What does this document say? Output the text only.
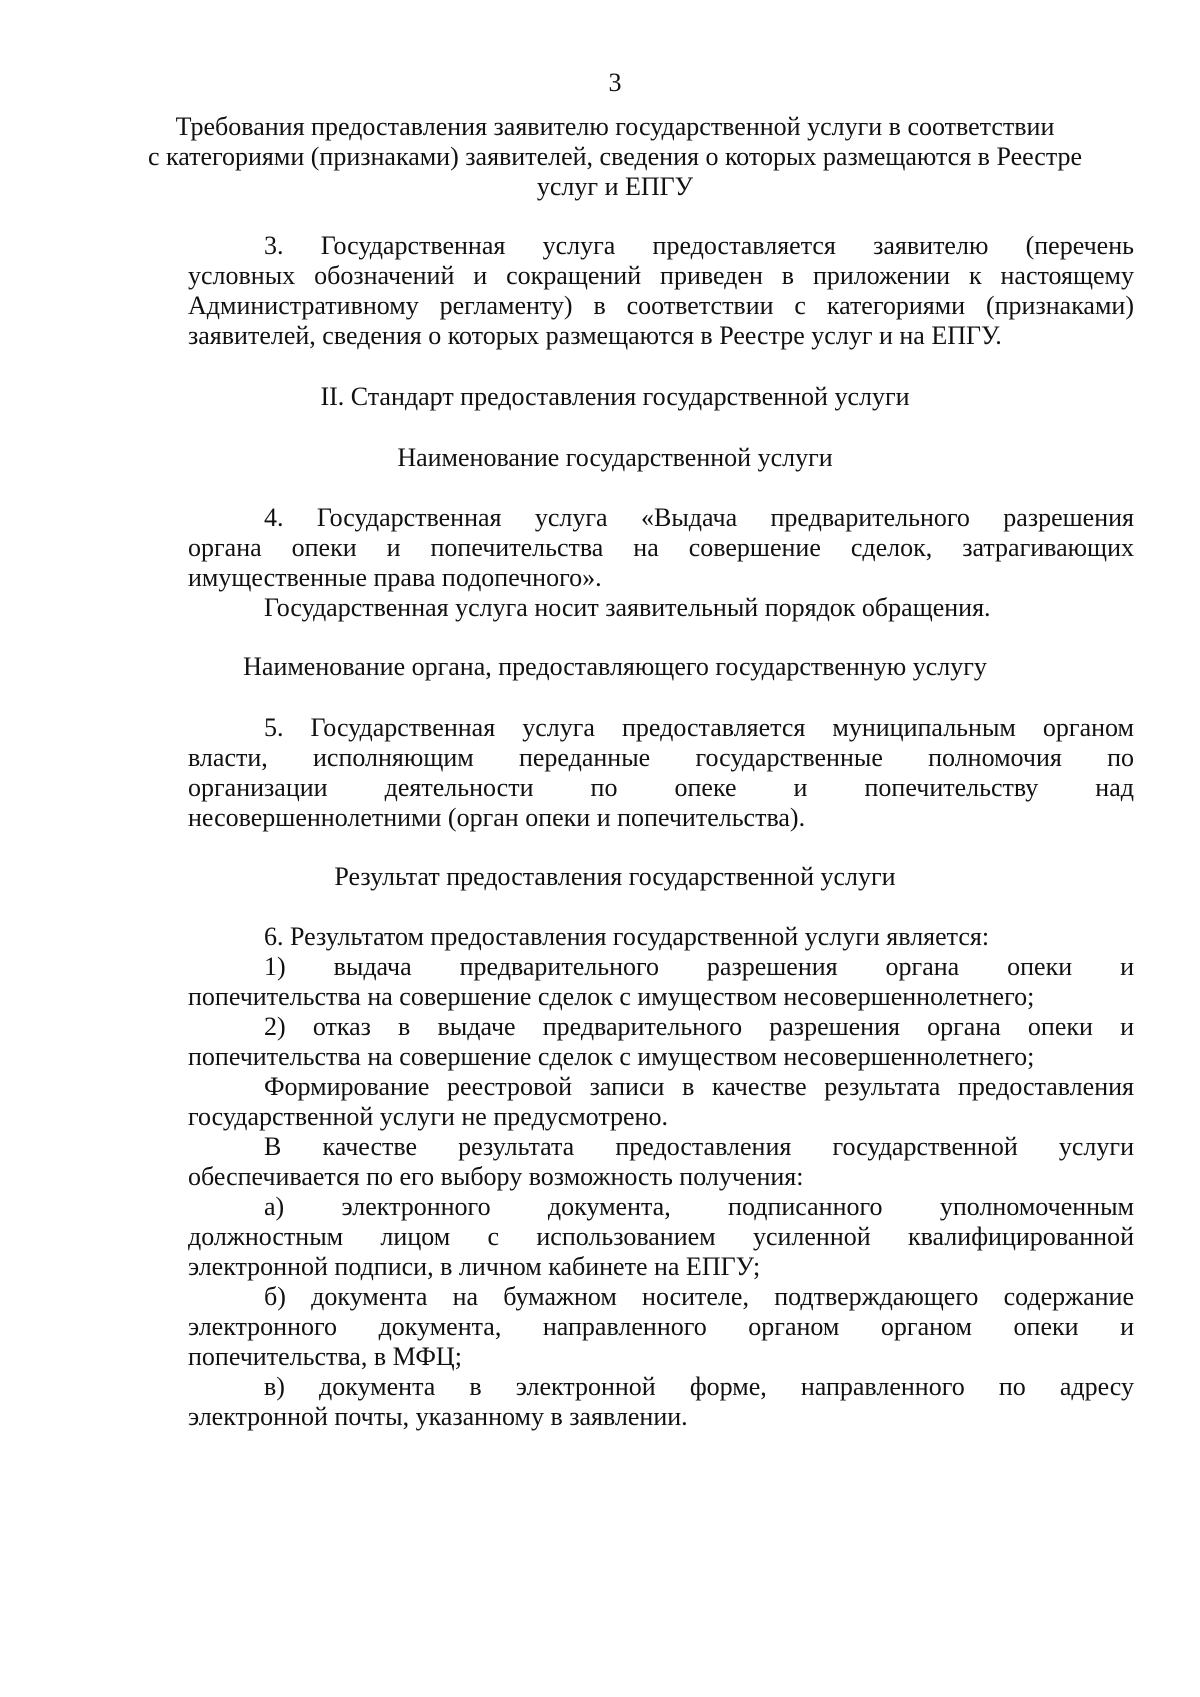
3
Требования предоставления заявителю государственной услуги в соответствии
с категориями (признаками) заявителей, сведения о которых размещаются в Реестре
услуг и ЕПГУ
3. Государственная услуга предоставляется заявителю (перечень
условных обозначений и сокращений приведен в приложении к настоящему
Административному регламенту) в соответствии с категориями (признаками)
заявителей, сведения о которых размещаются в Реестре услуг и на ЕПГУ.
II. Стандарт предоставления государственной услуги
Наименование государственной услуги
4. Государственная услуга «Выдача предварительного разрешения
органа опеки и попечительства на совершение сделок, затрагивающих
имущественные права подопечного».
Государственная услуга носит заявительный порядок обращения.
Наименование органа, предоставляющего государственную услугу
5. Государственная услуга предоставляется муниципальным органом
власти, исполняющим переданные государственные полномочия по
организации деятельности по опеке и попечительству над
несовершеннолетними (орган опеки и попечительства).
Результат предоставления государственной услуги
6. Результатом предоставления государственной услуги является:
1) выдача предварительного разрешения органа опеки и
попечительства на совершение сделок с имуществом несовершеннолетнего;
2) отказ в выдаче предварительного разрешения органа опеки и
попечительства на совершение сделок с имуществом несовершеннолетнего;
Формирование реестровой записи в качестве результата предоставления
государственной услуги не предусмотрено.
В качестве результата предоставления государственной услуги
обеспечивается по его выбору возможность получения:
а) электронного документа, подписанного уполномоченным
должностным лицом с использованием усиленной квалифицированной
электронной подписи, в личном кабинете на ЕПГУ;
б) документа на бумажном носителе, подтверждающего содержание
электронного документа, направленного органом органом опеки и
попечительства, в МФЦ;
в) документа в электронной форме, направленного по адресу
электронной почты, указанному в заявлении.
